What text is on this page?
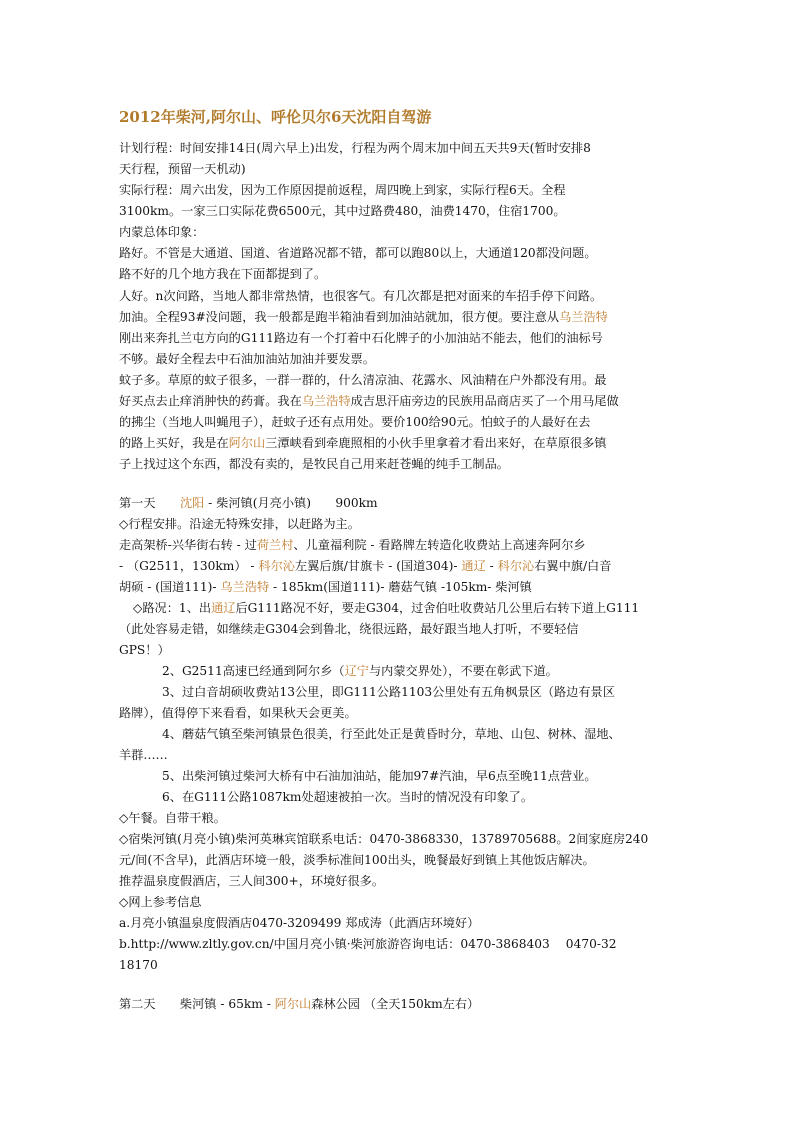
2012年柴河,阿尔山、呼伦贝尔6天沈阳自驾游
计划行程：时间安排14日(周六早上)出发，行程为两个周末加中间五天共9天(暂时安排8
天行程，预留一天机动)
实际行程：周六出发，因为工作原因提前返程，周四晚上到家，实际行程6天。全程
3100km。一家三口实际花费6500元，其中过路费480，油费1470，住宿1700。
内蒙总体印象：
路好。不管是大通道、国道、省道路况都不错，都可以跑80以上，大通道120都没问题。
路不好的几个地方我在下面都提到了。
人好。n次问路，当地人都非常热情，也很客气。有几次都是把对面来的车招手停下问路。
加油。全程93#没问题，我一般都是跑半箱油看到加油站就加，很方便。要注意从乌兰浩特
刚出来奔扎兰屯方向的G111路边有一个打着中石化牌子的小加油站不能去，他们的油标号
不够。最好全程去中石油加油站加油并要发票。
蚊子多。草原的蚊子很多，一群一群的，什么清凉油、花露水、风油精在户外都没有用。最
好买点去止痒消肿快的药膏。我在乌兰浩特成吉思汗庙旁边的民族用品商店买了一个用马尾做
的拂尘（当地人叫蝇甩子），赶蚊子还有点用处。要价100给90元。怕蚊子的人最好在去
的路上买好，我是在阿尔山三潭峡看到牵鹿照相的小伙手里拿着才看出来好，在草原很多镇
子上找过这个东西，都没有卖的，是牧民自己用来赶苍蝇的纯手工制品。
第一天　　沈阳 - 柴河镇(月亮小镇)　　900km
◇行程安排。沿途无特殊安排，以赶路为主。
走高架桥-兴华街右转 - 过荷兰村、儿童福利院 - 看路牌左转造化收费站上高速奔阿尔乡
- （G2511，130km） - 科尔沁左翼后旗/甘旗卡 - (国道304)- 通辽 - 科尔沁右翼中旗/白音
胡硕 - (国道111)- 乌兰浩特 - 185km(国道111)- 蘑菇气镇 -105km- 柴河镇
◇路况：1、出通辽后G111路况不好，要走G304，过舍伯吐收费站几公里后右转下道上G111
（此处容易走错，如继续走G304会到鲁北，绕很远路，最好跟当地人打听，不要轻信
GPS！）
2、G2511高速已经通到阿尔乡（辽宁与内蒙交界处），不要在彰武下道。
3、过白音胡硕收费站13公里，即G111公路1103公里处有五角枫景区（路边有景区
路牌），值得停下来看看，如果秋天会更美。
4、蘑菇气镇至柴河镇景色很美，行至此处正是黄昏时分，草地、山包、树林、湿地、
羊群……
5、出柴河镇过柴河大桥有中石油加油站，能加97#汽油，早6点至晚11点营业。
6、在G111公路1087km处超速被拍一次。当时的情况没有印象了。
◇午餐。自带干粮。
◇宿柴河镇(月亮小镇)柴河英琳宾馆联系电话：0470-3868330，13789705688。2间家庭房240
元/间(不含早)，此酒店环境一般，淡季标准间100出头，晚餐最好到镇上其他饭店解决。
推荐温泉度假酒店，三人间300+，环境好很多。
◇网上参考信息
a.月亮小镇温泉度假酒店0470-3209499 郑成涛（此酒店环境好）
b.http://www.zltly.gov.cn/中国月亮小镇·柴河旅游咨询电话：0470-3868403　 0470-32
18170
第二天　　柴河镇 - 65km - 阿尔山森林公园 （全天150km左右）
